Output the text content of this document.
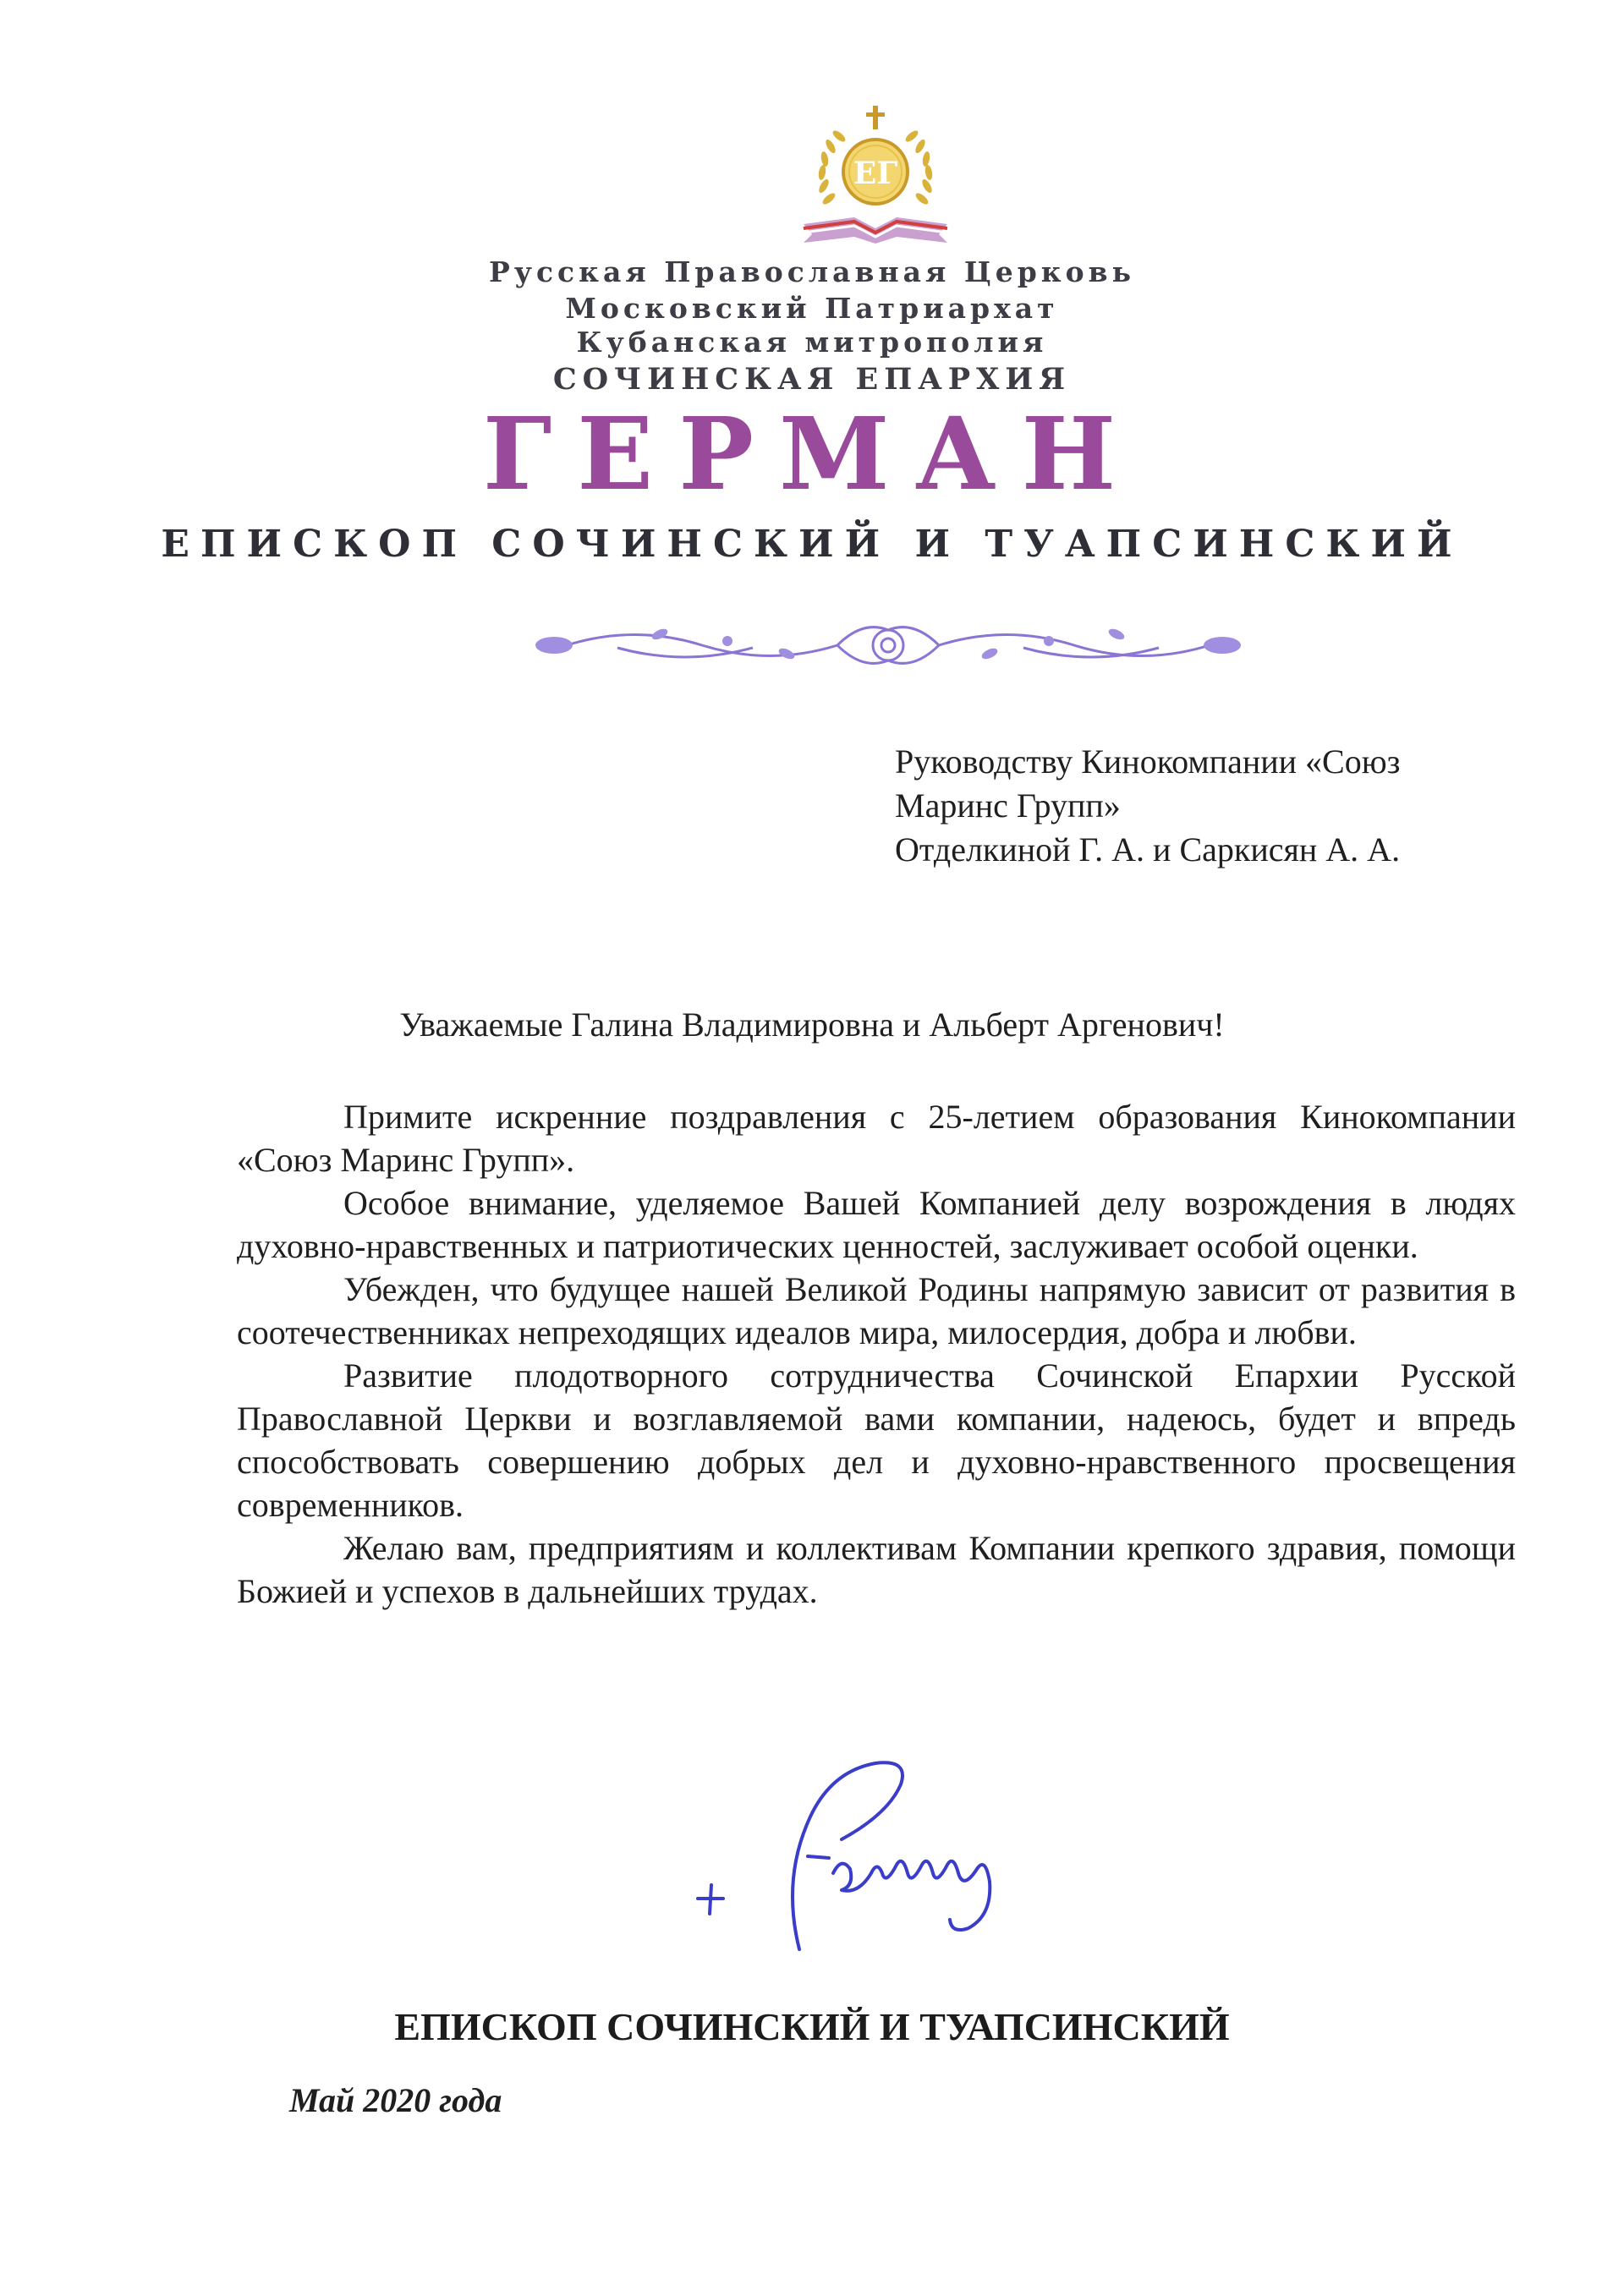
ЕГ
Русская Православная Церковь
Московский Патриархат
Кубанская митрополия
СОЧИНСКАЯ ЕПАРХИЯ
ГЕРМАН
ЕПИСКОП СОЧИНСКИЙ И ТУАПСИНСКИЙ
Руководству Кинокомпании «Союз
Маринс Групп»
Отделкиной Г. А. и Саркисян А. А.
Уважаемые Галина Владимировна и Альберт Аргенович!

Примите искренние поздравления с 25-летием образования Кинокомпании «Союз Маринс Групп».

Особое внимание, уделяемое Вашей Компанией делу возрождения в людях духовно-нравственных и патриотических ценностей, заслуживает особой оценки.

Убежден, что будущее нашей Великой Родины напрямую зависит от развития в соотечественниках непреходящих идеалов мира, милосердия, добра и любви.

Развитие плодотворного сотрудничества Сочинской Епархии Русской Православной Церкви и возглавляемой вами компании, надеюсь, будет и впредь способствовать совершению добрых дел и духовно-нравственного просвещения современников.

Желаю вам, предприятиям и коллективам Компании крепкого здравия, помощи Божией и успехов в дальнейших трудах.

ЕПИСКОП СОЧИНСКИЙ И ТУАПСИНСКИЙ
Май 2020 года
